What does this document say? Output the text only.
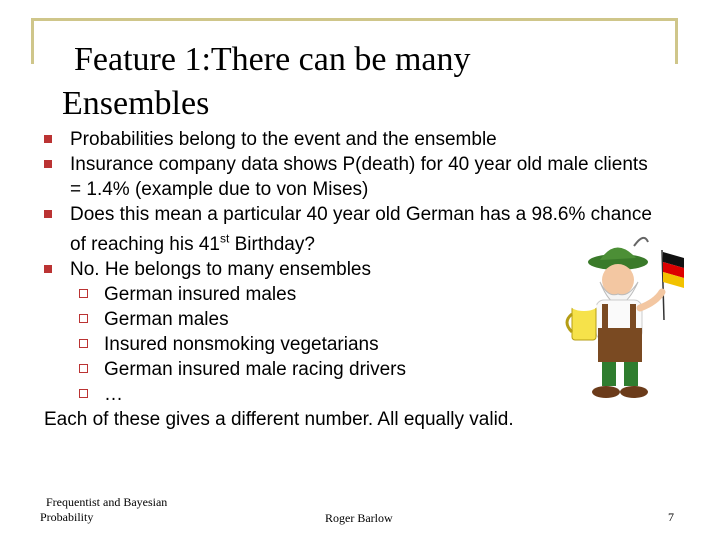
Feature 1:There can be many
Ensembles
Probabilities belong to the event and the ensemble
Insurance company data shows P(death) for 40 year old male clients = 1.4% (example due to von Mises)
Does this mean a particular 40 year old German has a 98.6% chance of reaching his 41st Birthday?
No. He belongs to many ensembles
German insured males
German males
Insured nonsmoking vegetarians
German insured male racing drivers
…
Each of these gives a different number. All equally valid.
Frequentist and Bayesian
Probability	Roger Barlow	7
